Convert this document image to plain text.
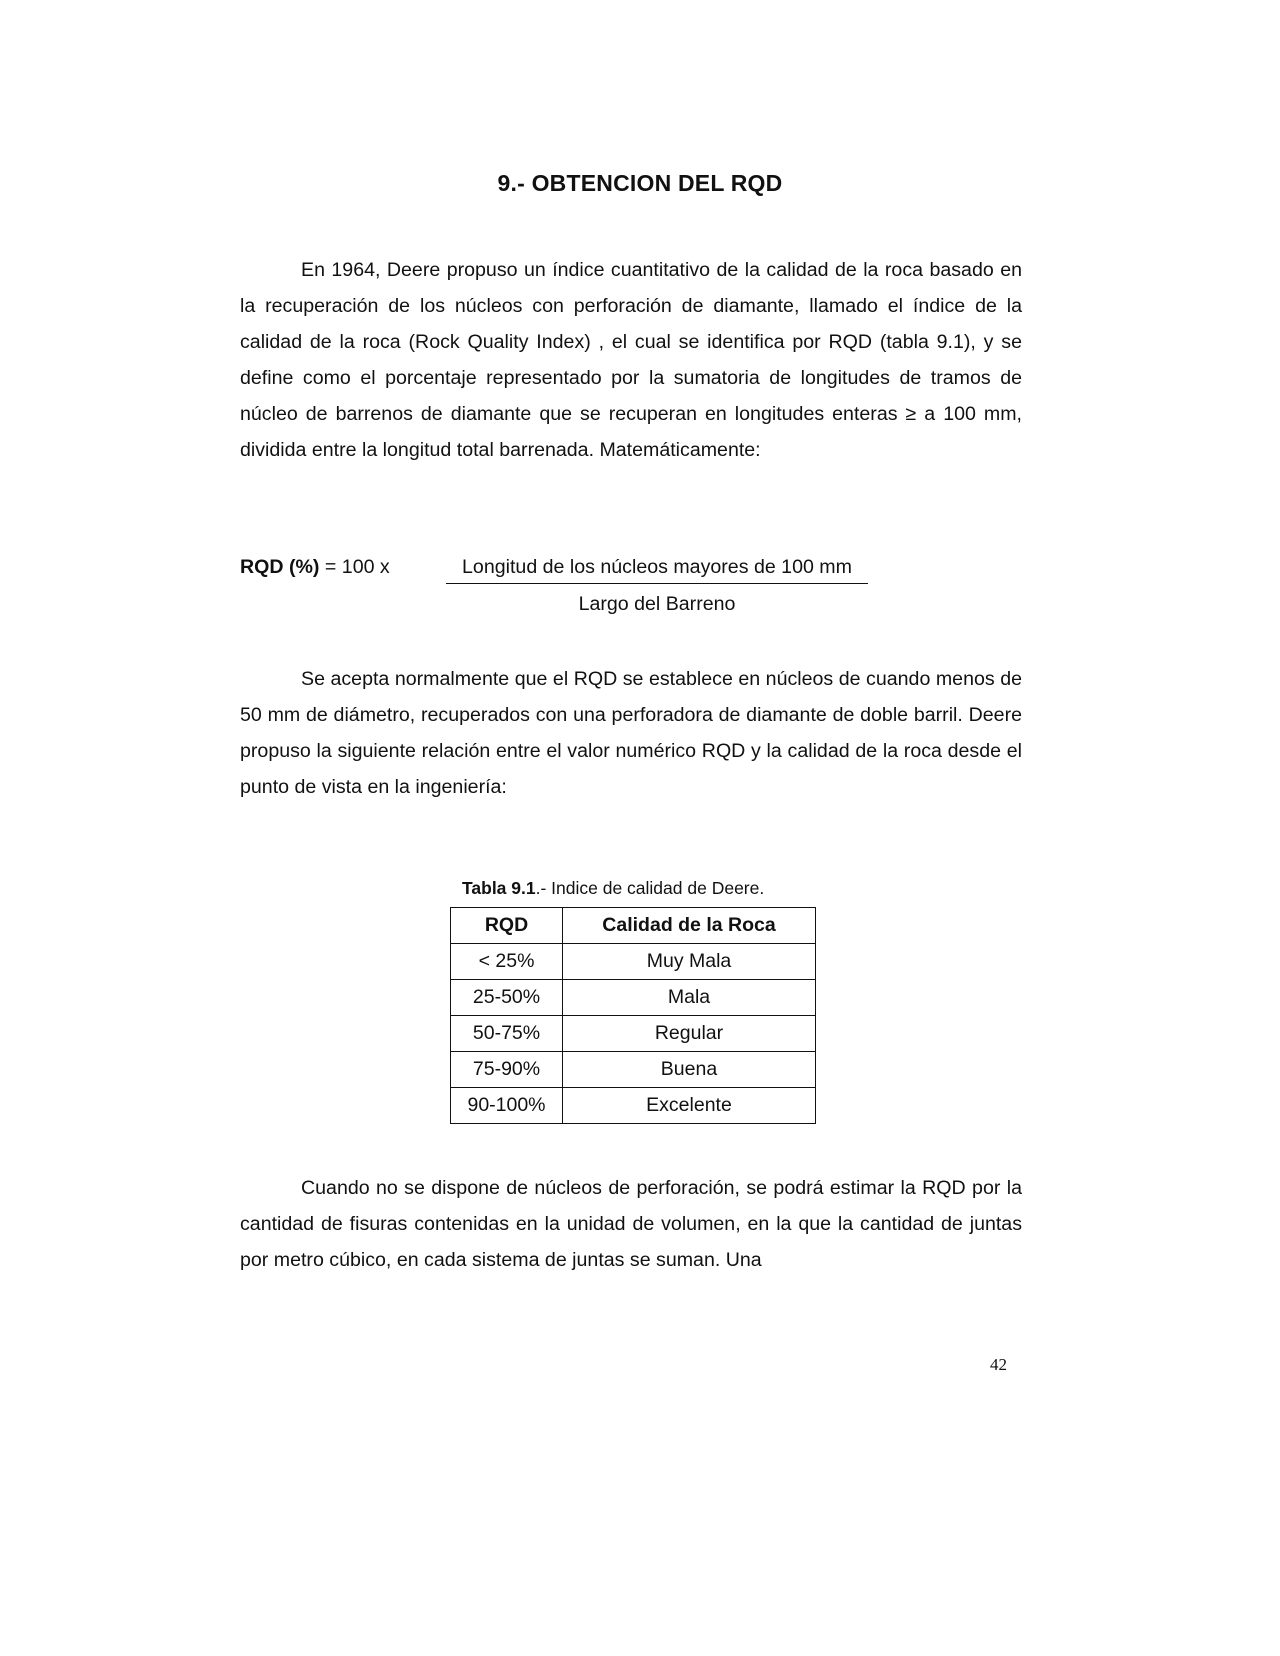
9.- OBTENCION DEL RQD

En 1964, Deere propuso un índice cuantitativo de la calidad de la roca basado en la recuperación de los núcleos con perforación de diamante, llamado el índice de la calidad de la roca (Rock Quality Index) , el cual se identifica por RQD (tabla 9.1), y se define como el porcentaje representado por la sumatoria de longitudes de tramos de núcleo de barrenos de diamante que se recuperan en longitudes enteras ≥ a 100 mm, dividida entre la longitud total barrenada. Matemáticamente:

RQD (%) = 100 x	Longitud de los núcleos mayores de 100 mm
Largo del Barreno

Se acepta normalmente que el RQD se establece en núcleos de cuando menos de 50 mm de diámetro, recuperados con una perforadora de diamante de doble barril. Deere propuso la siguiente relación entre el valor numérico RQD y la calidad de la roca desde el punto de vista en la ingeniería:

Tabla 9.1.- Indice de calidad de Deere.
RQD	Calidad de la Roca
< 25%	Muy Mala
25-50%	Mala
50-75%	Regular
75-90%	Buena
90-100%	Excelente

Cuando no se dispone de núcleos de perforación, se podrá estimar la RQD por la cantidad de fisuras contenidas en la unidad de volumen, en la que la cantidad de juntas por metro cúbico, en cada sistema de juntas se suman. Una

42
